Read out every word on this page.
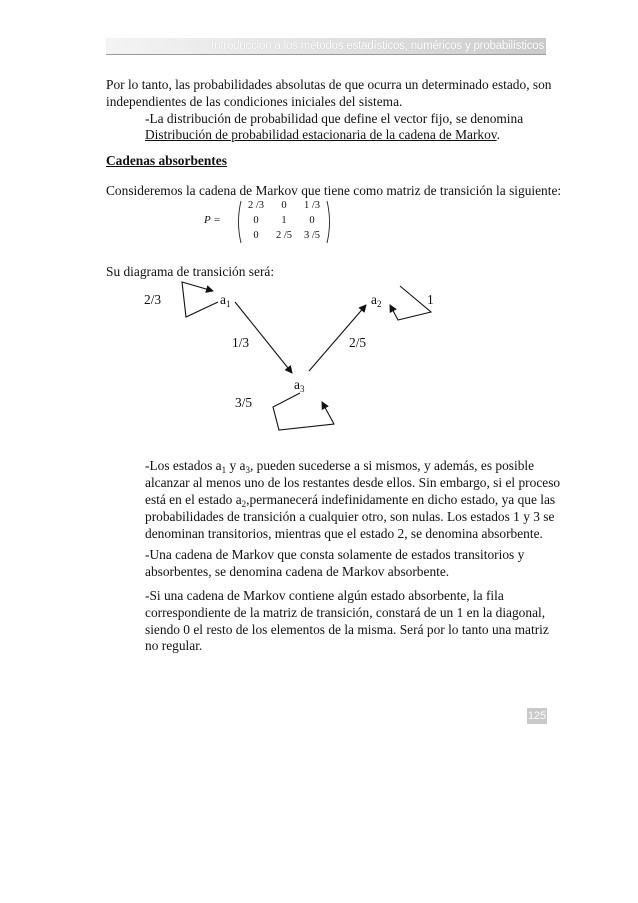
Introducción a los métodos estadísticos, numéricos y probabilísticos
Por lo tanto, las probabilidades absolutas de que ocurra un determinado estado, son
independientes de las condiciones iniciales del sistema.
-La distribución de probabilidad que define el vector fijo, se denomina
Distribución de probabilidad estacionaria de la cadena de Markov.
Cadenas absorbentes
Consideremos la cadena de Markov que tiene como matriz de transición la siguiente:
P =
2 /3	0	1 /3
0	1	0
0	2 /5	3 /5
Su diagrama de transición será:
2/3	$a_1$	$a_2$	1
1/3	2/5
$a_3$
3/5
-Los estados $a_1$ y $a_3$, pueden sucederse a si mismos, y además, es posible
alcanzar al menos uno de los restantes desde ellos. Sin embargo, si el proceso
está en el estado $a_2,permanecerá$ indefinidamente en dicho estado, ya que las
probabilidades de transición a cualquier otro, son nulas. Los estados 1 y 3 se
denominan transitorios, mientras que el estado 2, se denomina absorbente.
-Una cadena de Markov que consta solamente de estados transitorios y
absorbentes, se denomina cadena de Markov absorbente.
-Si una cadena de Markov contiene algún estado absorbente, la fila
correspondiente de la matriz de transición, constará de un 1 en la diagonal,
siendo 0 el resto de los elementos de la misma. Será por lo tanto una matriz
no regular.
125
